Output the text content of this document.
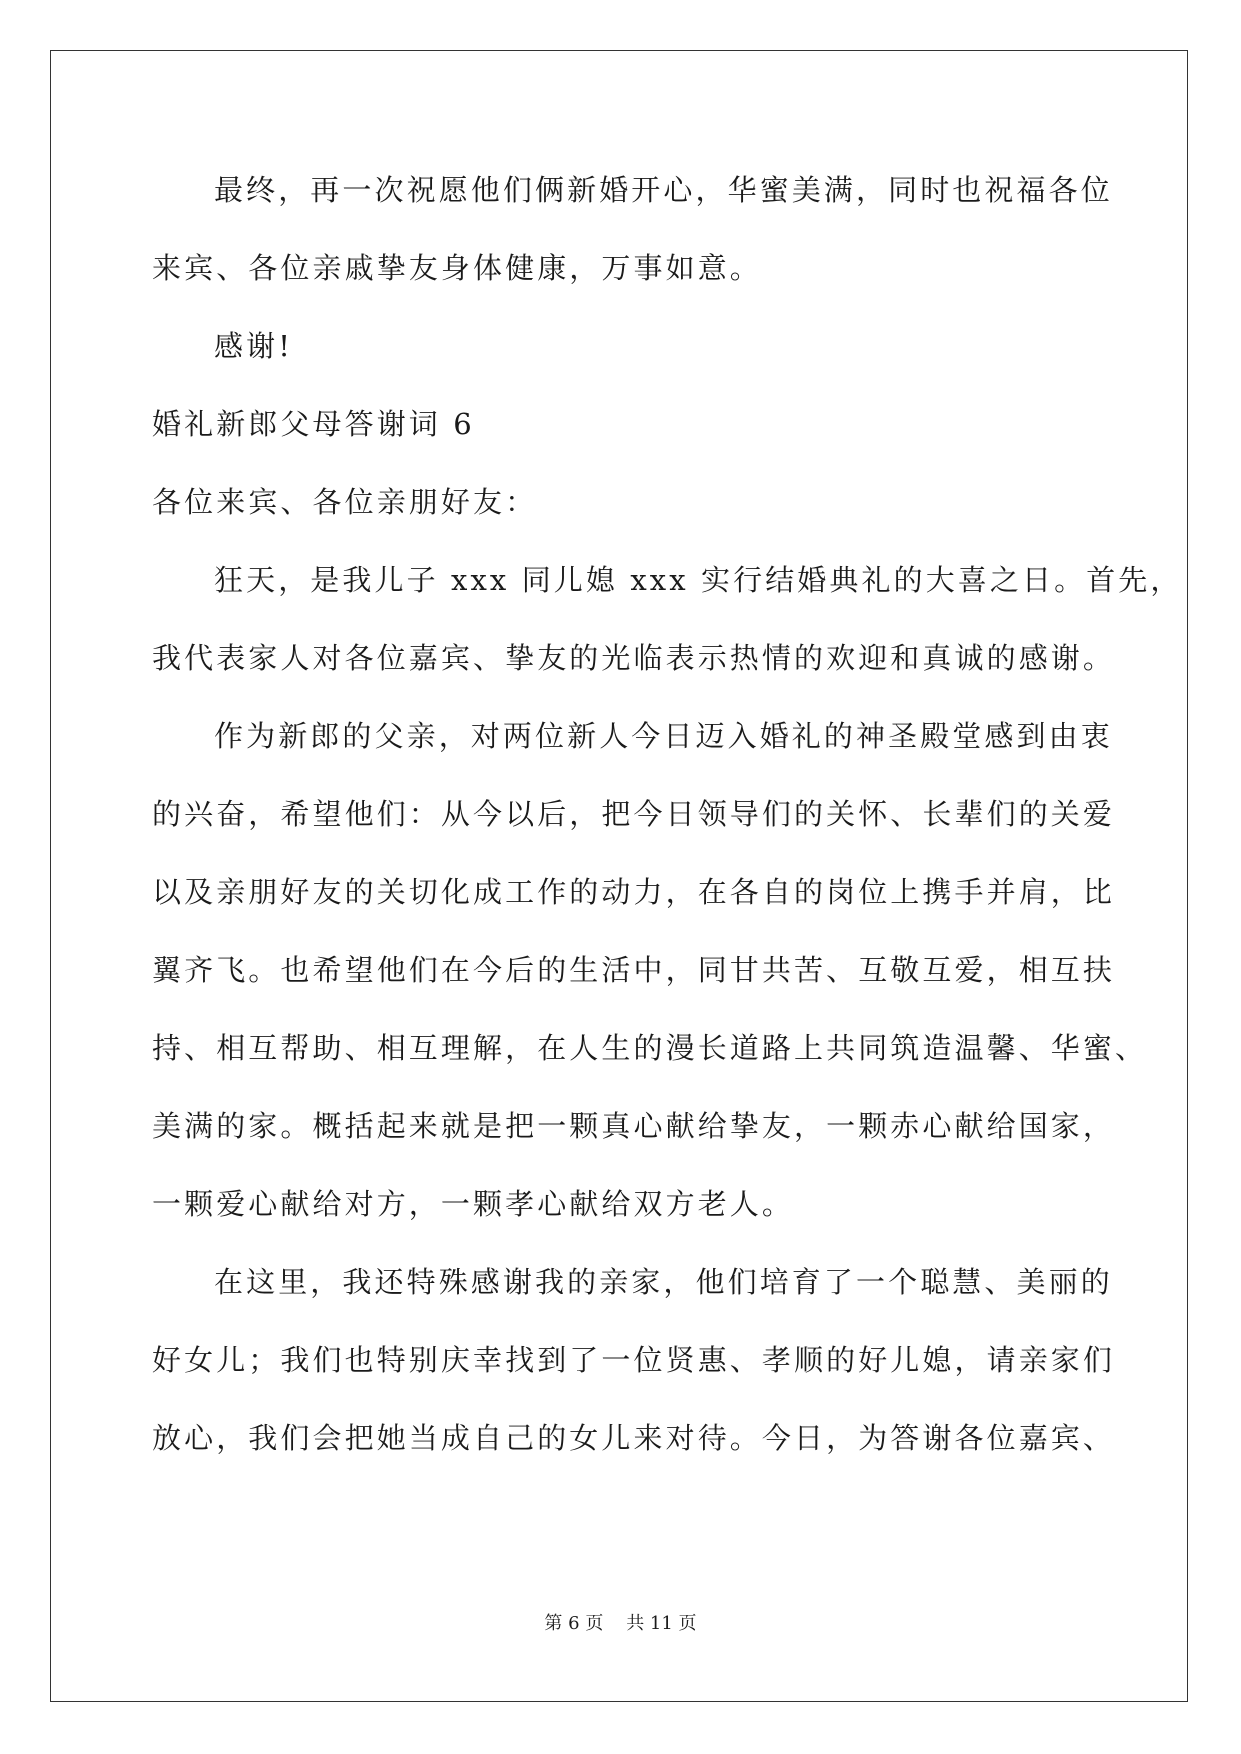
最终，再一次祝愿他们俩新婚开心，华蜜美满，同时也祝福各位
来宾、各位亲戚挚友身体健康，万事如意。
感谢!
婚礼新郎父母答谢词 6
各位来宾、各位亲朋好友：
狂天，是我儿子 xxx 同儿媳 xxx 实行结婚典礼的大喜之日。首先，
我代表家人对各位嘉宾、挚友的光临表示热情的欢迎和真诚的感谢。
作为新郎的父亲，对两位新人今日迈入婚礼的神圣殿堂感到由衷
的兴奋，希望他们：从今以后，把今日领导们的关怀、长辈们的关爱
以及亲朋好友的关切化成工作的动力，在各自的岗位上携手并肩，比
翼齐飞。也希望他们在今后的生活中，同甘共苦、互敬互爱，相互扶
持、相互帮助、相互理解，在人生的漫长道路上共同筑造温馨、华蜜、
美满的家。概括起来就是把一颗真心献给挚友，一颗赤心献给国家，
一颗爱心献给对方，一颗孝心献给双方老人。
在这里，我还特殊感谢我的亲家，他们培育了一个聪慧、美丽的
好女儿；我们也特别庆幸找到了一位贤惠、孝顺的好儿媳，请亲家们
放心，我们会把她当成自己的女儿来对待。今日，为答谢各位嘉宾、
第 6 页    共 11 页
